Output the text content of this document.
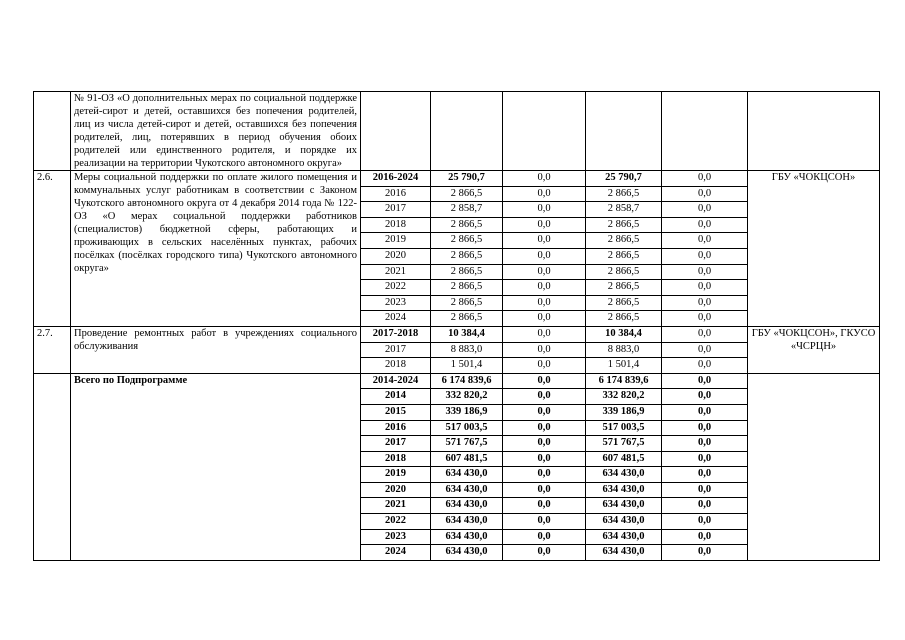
	№ 91-ОЗ «О дополнительных мерах по социальной поддержке детей-сирот и детей, оставшихся без попечения родителей, лиц из числа детей-сирот и детей, оставшихся без попечения родителей, лиц, потерявших в период обучения обоих родителей или единственного родителя, и порядке их реализации на территории Чукотского автономного округа»						
2.6.	Меры социальной поддержки по оплате жилого помещения и коммунальных услуг работникам в соответствии с Законом Чукотского автономного округа от 4 декабря 2014 года № 122-ОЗ «О мерах социальной поддержки работников (специалистов) бюджетной сферы, работающих и проживающих в сельских населённых пунктах, рабочих посёлках (посёлках городского типа) Чукотского автономного округа»	2016-2024	25 790,7	0,0	25 790,7	0,0	ГБУ «ЧОКЦСОН»
		2016	2 866,5	0,0	2 866,5	0,0	
		2017	2 858,7	0,0	2 858,7	0,0	
		2018	2 866,5	0,0	2 866,5	0,0	
		2019	2 866,5	0,0	2 866,5	0,0	
		2020	2 866,5	0,0	2 866,5	0,0	
		2021	2 866,5	0,0	2 866,5	0,0	
		2022	2 866,5	0,0	2 866,5	0,0	
		2023	2 866,5	0,0	2 866,5	0,0	
		2024	2 866,5	0,0	2 866,5	0,0	
2.7.	Проведение ремонтных работ в учреждениях социального обслуживания	2017-2018	10 384,4	0,0	10 384,4	0,0	ГБУ «ЧОКЦСОН», ГКУСО «ЧСРЦН»
		2017	8 883,0	0,0	8 883,0	0,0	
		2018	1 501,4	0,0	1 501,4	0,0	
	Всего по Подпрограмме	2014-2024	6 174 839,6	0,0	6 174 839,6	0,0	
		2014	332 820,2	0,0	332 820,2	0,0	
		2015	339 186,9	0,0	339 186,9	0,0	
		2016	517 003,5	0,0	517 003,5	0,0	
		2017	571 767,5	0,0	571 767,5	0,0	
		2018	607 481,5	0,0	607 481,5	0,0	
		2019	634 430,0	0,0	634 430,0	0,0	
		2020	634 430,0	0,0	634 430,0	0,0	
		2021	634 430,0	0,0	634 430,0	0,0	
		2022	634 430,0	0,0	634 430,0	0,0	
		2023	634 430,0	0,0	634 430,0	0,0	
		2024	634 430,0	0,0	634 430,0	0,0	
